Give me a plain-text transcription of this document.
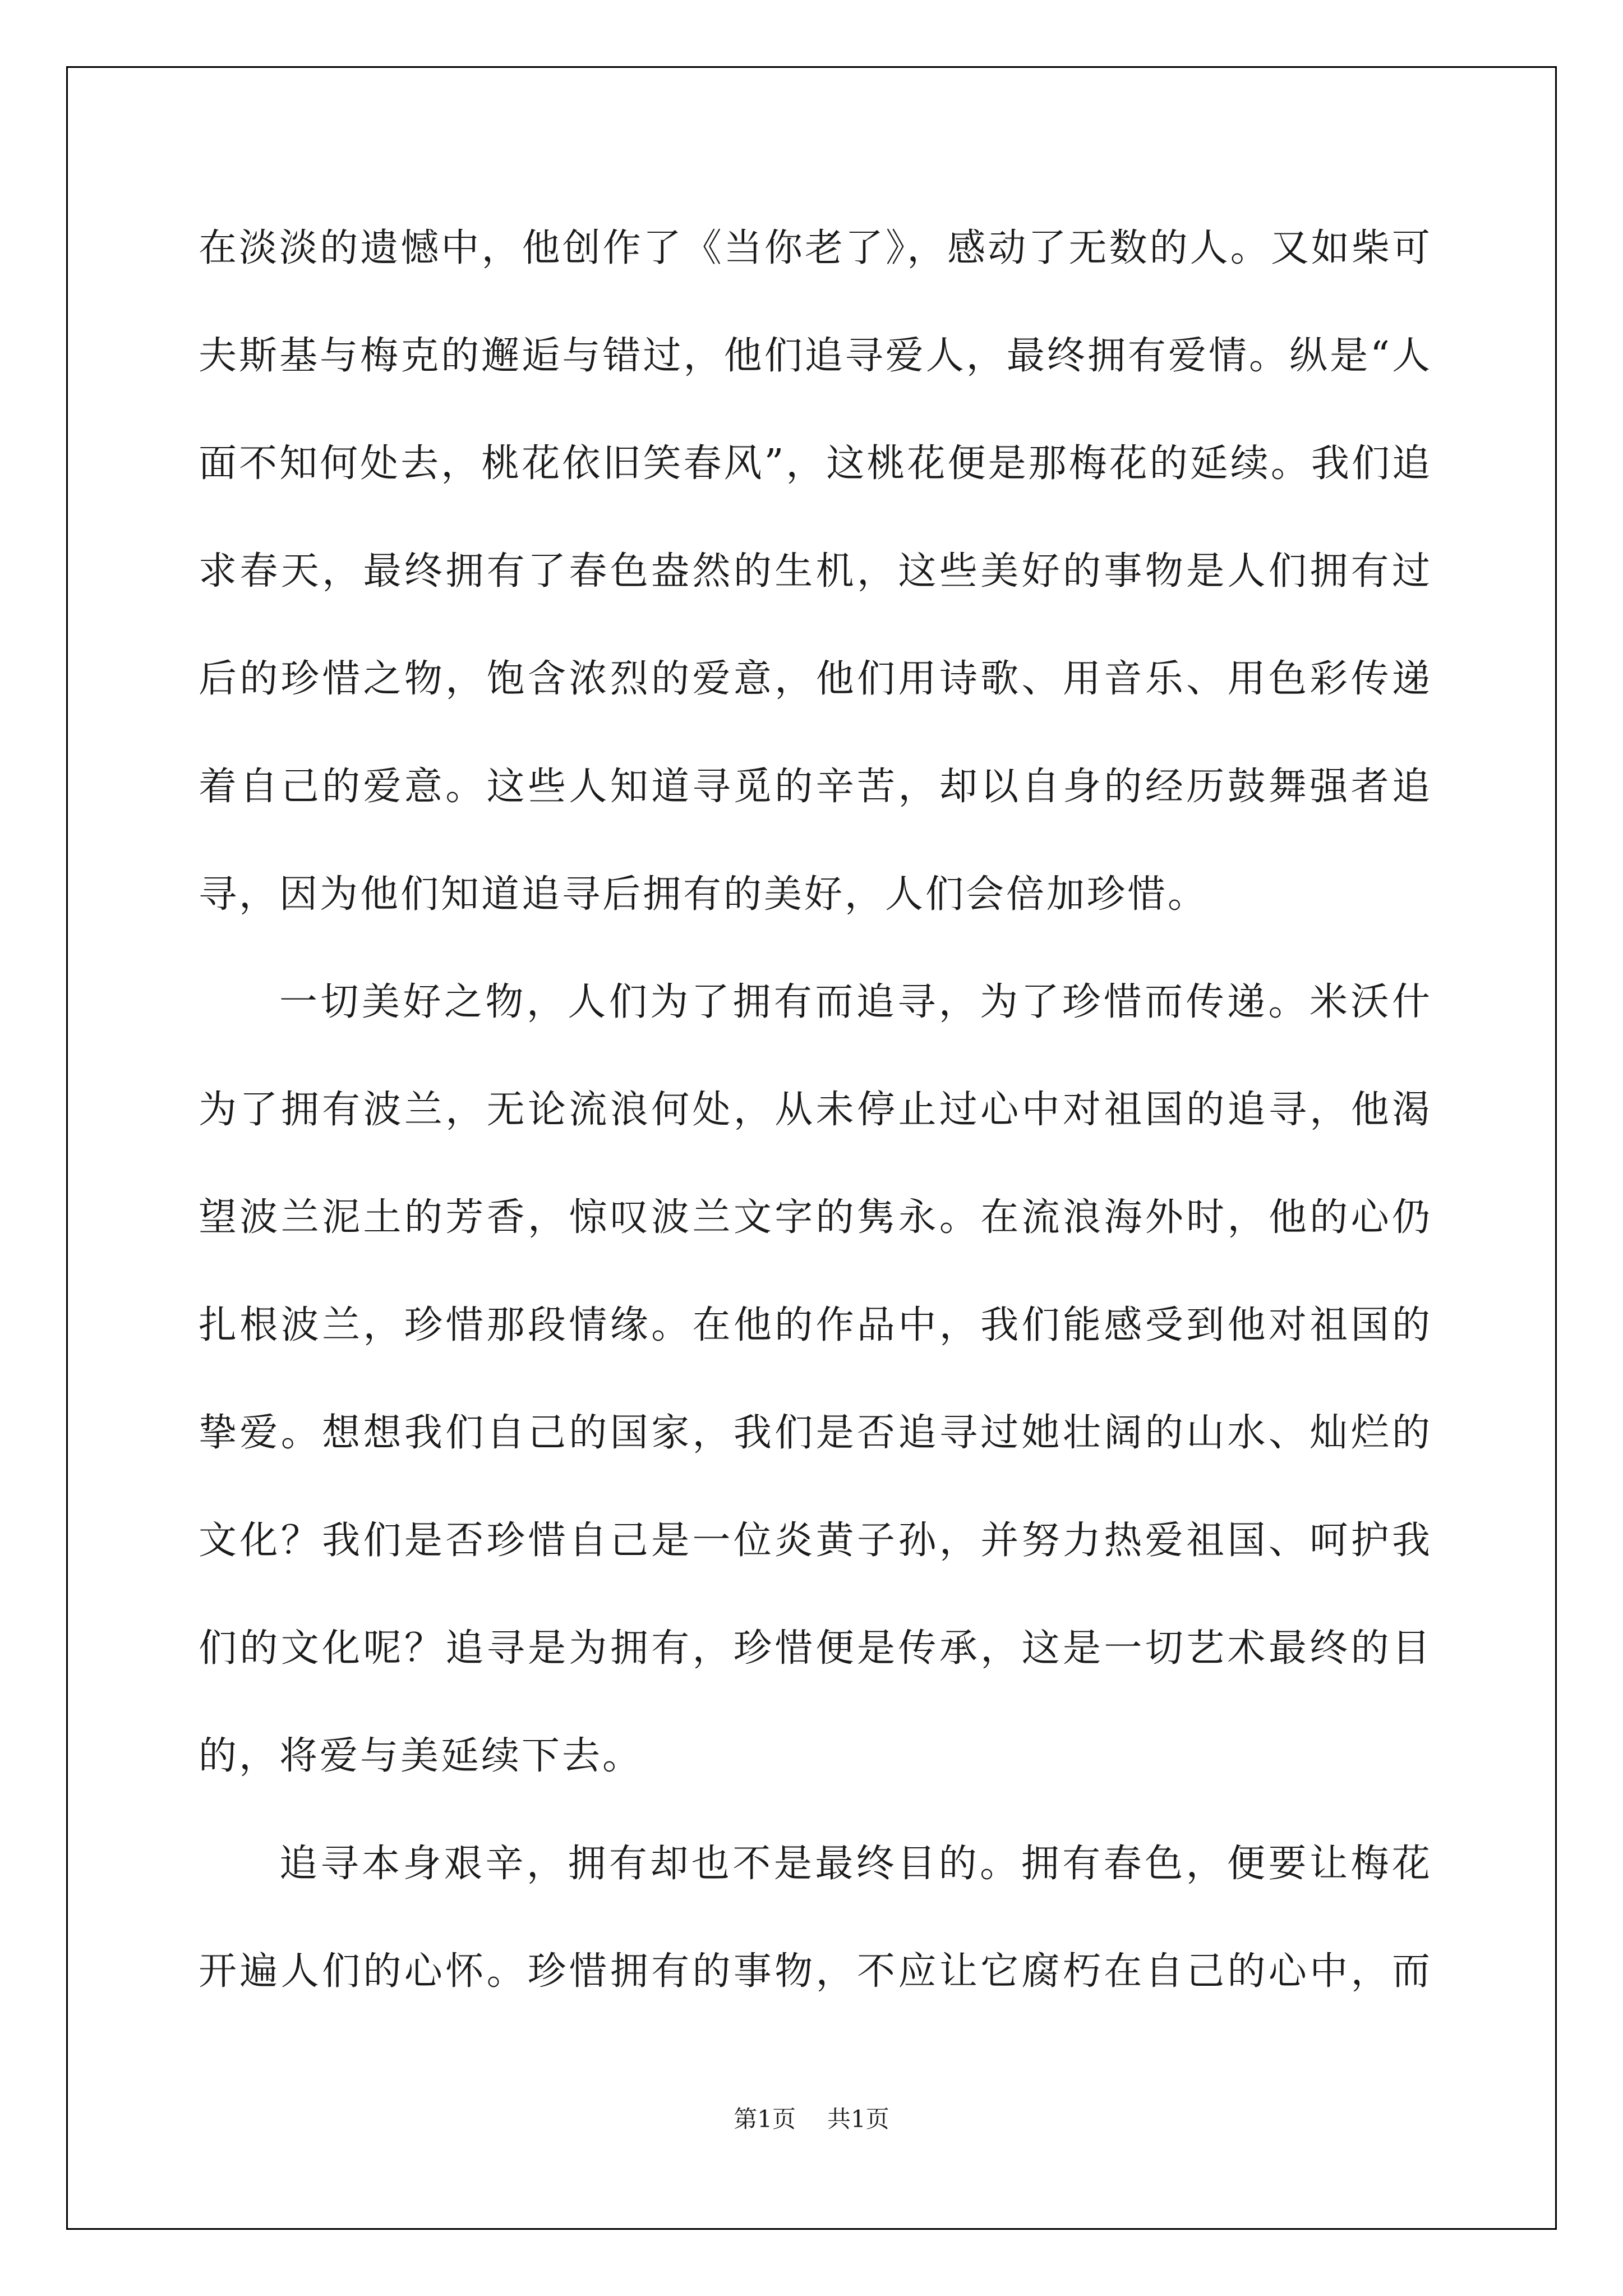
在淡淡的遗憾中，他创作了《当你老了》，感动了无数的人。又如柴可
夫斯基与梅克的邂逅与错过，他们追寻爱人，最终拥有爱情。纵是“人
面不知何处去，桃花依旧笑春风”，这桃花便是那梅花的延续。我们追
求春天，最终拥有了春色盎然的生机，这些美好的事物是人们拥有过
后的珍惜之物，饱含浓烈的爱意，他们用诗歌、用音乐、用色彩传递
着自己的爱意。这些人知道寻觅的辛苦，却以自身的经历鼓舞强者追
寻，因为他们知道追寻后拥有的美好，人们会倍加珍惜。
一切美好之物，人们为了拥有而追寻，为了珍惜而传递。米沃什
为了拥有波兰，无论流浪何处，从未停止过心中对祖国的追寻，他渴
望波兰泥土的芳香，惊叹波兰文字的隽永。在流浪海外时，他的心仍
扎根波兰，珍惜那段情缘。在他的作品中，我们能感受到他对祖国的
挚爱。想想我们自己的国家，我们是否追寻过她壮阔的山水、灿烂的
文化？我们是否珍惜自己是一位炎黄子孙，并努力热爱祖国、呵护我
们的文化呢？追寻是为拥有，珍惜便是传承，这是一切艺术最终的目
的，将爱与美延续下去。
追寻本身艰辛，拥有却也不是最终目的。拥有春色，便要让梅花
开遍人们的心怀。珍惜拥有的事物，不应让它腐朽在自己的心中，而
第1页 共1页
